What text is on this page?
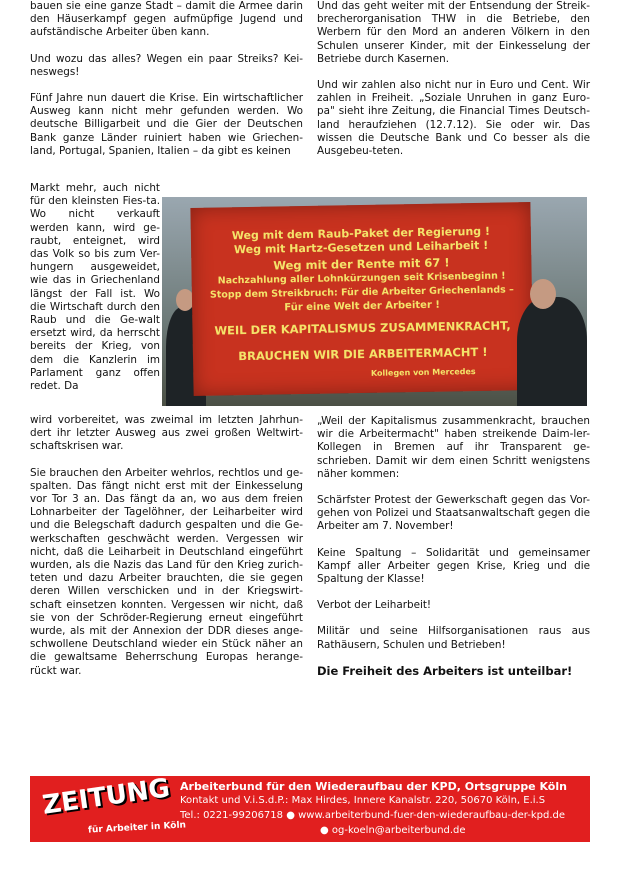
bauen sie eine ganze Stadt – damit die Armee darin den Häuserkampf gegen aufmüpfige Jugend und aufständische Arbeiter üben kann.

Und wozu das alles? Wegen ein paar Streiks? Kei-neswegs!

Fünf Jahre nun dauert die Krise. Ein wirtschaftlicher Ausweg kann nicht mehr gefunden werden. Wo deutsche Billigarbeit und die Gier der Deutschen Bank ganze Länder ruiniert haben wie Griechen-land, Portugal, Spanien, Italien – da gibt es keinen

Markt mehr, auch nicht für den kleinsten Fies-ta. Wo nicht verkauft werden kann, wird ge-raubt, enteignet, wird das Volk so bis zum Ver-hungern ausgeweidet, wie das in Griechenland längst der Fall ist. Wo die Wirtschaft durch den Raub und die Ge-walt ersetzt wird, da herrscht bereits der Krieg, von dem die Kanzlerin im Parlament ganz offen redet. Da
Weg mit dem Raub-Paket der Regierung !
Weg mit Hartz-Gesetzen und Leiharbeit !
Weg mit der Rente mit 67 !
Nachzahlung aller Lohnkürzungen seit Krisenbeginn !
Stopp dem Streikbruch: Für die Arbeiter Griechenlands –
Für eine Welt der Arbeiter !
WEIL DER KAPITALISMUS ZUSAMMENKRACHT,
BRAUCHEN WIR DIE ARBEITERMACHT !
Kollegen von Mercedes

wird vorbereitet, was zweimal im letzten Jahrhun-dert ihr letzter Ausweg aus zwei großen Weltwirt-schaftskrisen war.

Sie brauchen den Arbeiter wehrlos, rechtlos und ge-spalten. Das fängt nicht erst mit der Einkesselung vor Tor 3 an. Das fängt da an, wo aus dem freien Lohnarbeiter der Tagelöhner, der Leiharbeiter wird und die Belegschaft dadurch gespalten und die Ge-werkschaften geschwächt werden. Vergessen wir nicht, daß die Leiharbeit in Deutschland eingeführt wurden, als die Nazis das Land für den Krieg zurich-teten und dazu Arbeiter brauchten, die sie gegen deren Willen verschicken und in der Kriegswirt-schaft einsetzen konnten. Vergessen wir nicht, daß sie von der Schröder-Regierung erneut eingeführt wurde, als mit der Annexion der DDR dieses ange-schwollene Deutschland wieder ein Stück näher an die gewaltsame Beherrschung Europas herange-rückt war.

Und das geht weiter mit der Entsendung der Streik-brecherorganisation THW in die Betriebe, den Werbern für den Mord an anderen Völkern in den Schulen unserer Kinder, mit der Einkesselung der Betriebe durch Kasernen.

Und wir zahlen also nicht nur in Euro und Cent. Wir zahlen in Freiheit. „Soziale Unruhen in ganz Euro-pa" sieht ihre Zeitung, die Financial Times Deutsch-land heraufziehen (12.7.12). Sie oder wir. Das wissen die Deutsche Bank und Co besser als die Ausgebeu-teten.

„Weil der Kapitalismus zusammenkracht, brauchen wir die Arbeitermacht" haben streikende Daim-ler-Kollegen in Bremen auf ihr Transparent ge-schrieben. Damit wir dem einen Schritt wenigstens näher kommen:

Schärfster Protest der Gewerkschaft gegen das Vor-gehen von Polizei und Staatsanwaltschaft gegen die Arbeiter am 7. November!

Keine Spaltung – Solidarität und gemeinsamer Kampf aller Arbeiter gegen Krise, Krieg und die Spaltung der Klasse!

Verbot der Leiharbeit!

Militär und seine Hilfsorganisationen raus aus Rathäusern, Schulen und Betrieben!

Die Freiheit des Arbeiters ist unteilbar!

ZEITUNG
für Arbeiter in Köln
Arbeiterbund für den Wiederaufbau der KPD, Ortsgruppe Köln
Kontakt und V.i.S.d.P.: Max Hirdes, Innere Kanalstr. 220, 50670 Köln, E.i.S
Tel.: 0221-99206718 ● www.arbeiterbund-fuer-den-wiederaufbau-der-kpd.de
● og-koeln@arbeiterbund.de
